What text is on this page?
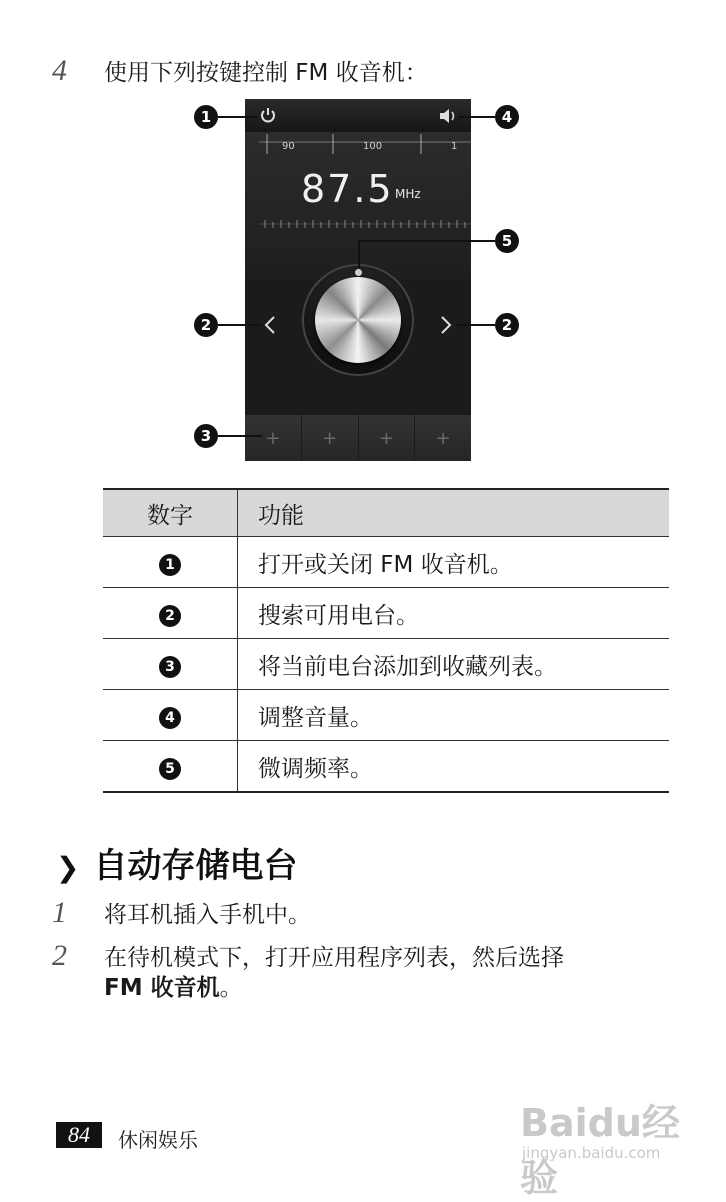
4	使用下列按键控制 FM 收音机：
90	100	1
87.5 MHz
+	+	+	+
1	4
5
2	2
3
数字	功能
1	打开或关闭 FM 收音机。
2	搜索可用电台。
3	将当前电台添加到收藏列表。
4	调整音量。
5	微调频率。
❯ 自动存储电台
1	将耳机插入手机中。
2	在待机模式下，打开应用程序列表，然后选择
FM 收音机。
84	休闲娱乐	Baidu经验
jingyan.baidu.com
